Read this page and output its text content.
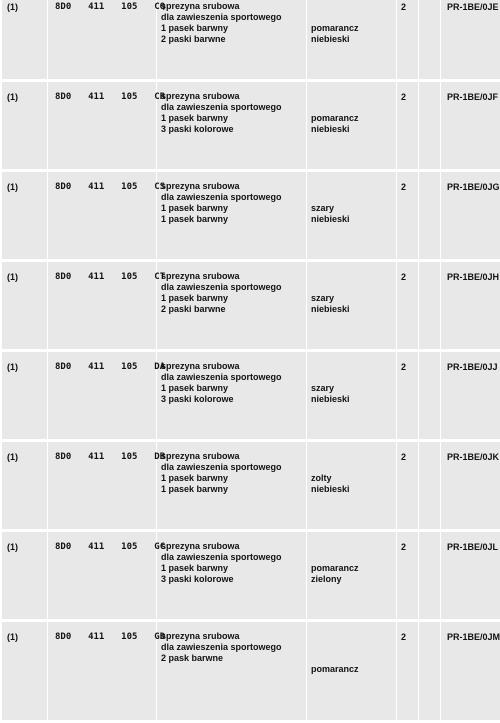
(1)	8D0  411  105  CQ	sprezyna srubowa
dla zawieszenia sportowego
1 pasek barwny
2 paski barwne	pomarancz
niebieski	2		PR-1BE/0JE
(1)	8D0  411  105  CR	sprezyna srubowa
dla zawieszenia sportowego
1 pasek barwny
3 paski kolorowe	pomarancz
niebieski	2		PR-1BE/0JF
(1)	8D0  411  105  CS	sprezyna srubowa
dla zawieszenia sportowego
1 pasek barwny
1 pasek barwny	szary
niebieski	2		PR-1BE/0JG
(1)	8D0  411  105  CT	sprezyna srubowa
dla zawieszenia sportowego
1 pasek barwny
2 paski barwne	szary
niebieski	2		PR-1BE/0JH
(1)	8D0  411  105  DA	sprezyna srubowa
dla zawieszenia sportowego
1 pasek barwny
3 paski kolorowe	szary
niebieski	2		PR-1BE/0JJ
(1)	8D0  411  105  DB	sprezyna srubowa
dla zawieszenia sportowego
1 pasek barwny
1 pasek barwny	zolty
niebieski	2		PR-1BE/0JK
(1)	8D0  411  105  GC	sprezyna srubowa
dla zawieszenia sportowego
1 pasek barwny
3 paski kolorowe	pomarancz
zielony	2		PR-1BE/0JL
(1)	8D0  411  105  GD	sprezyna srubowa
dla zawieszenia sportowego
2 pask barwne	pomarancz	2		PR-1BE/0JM
